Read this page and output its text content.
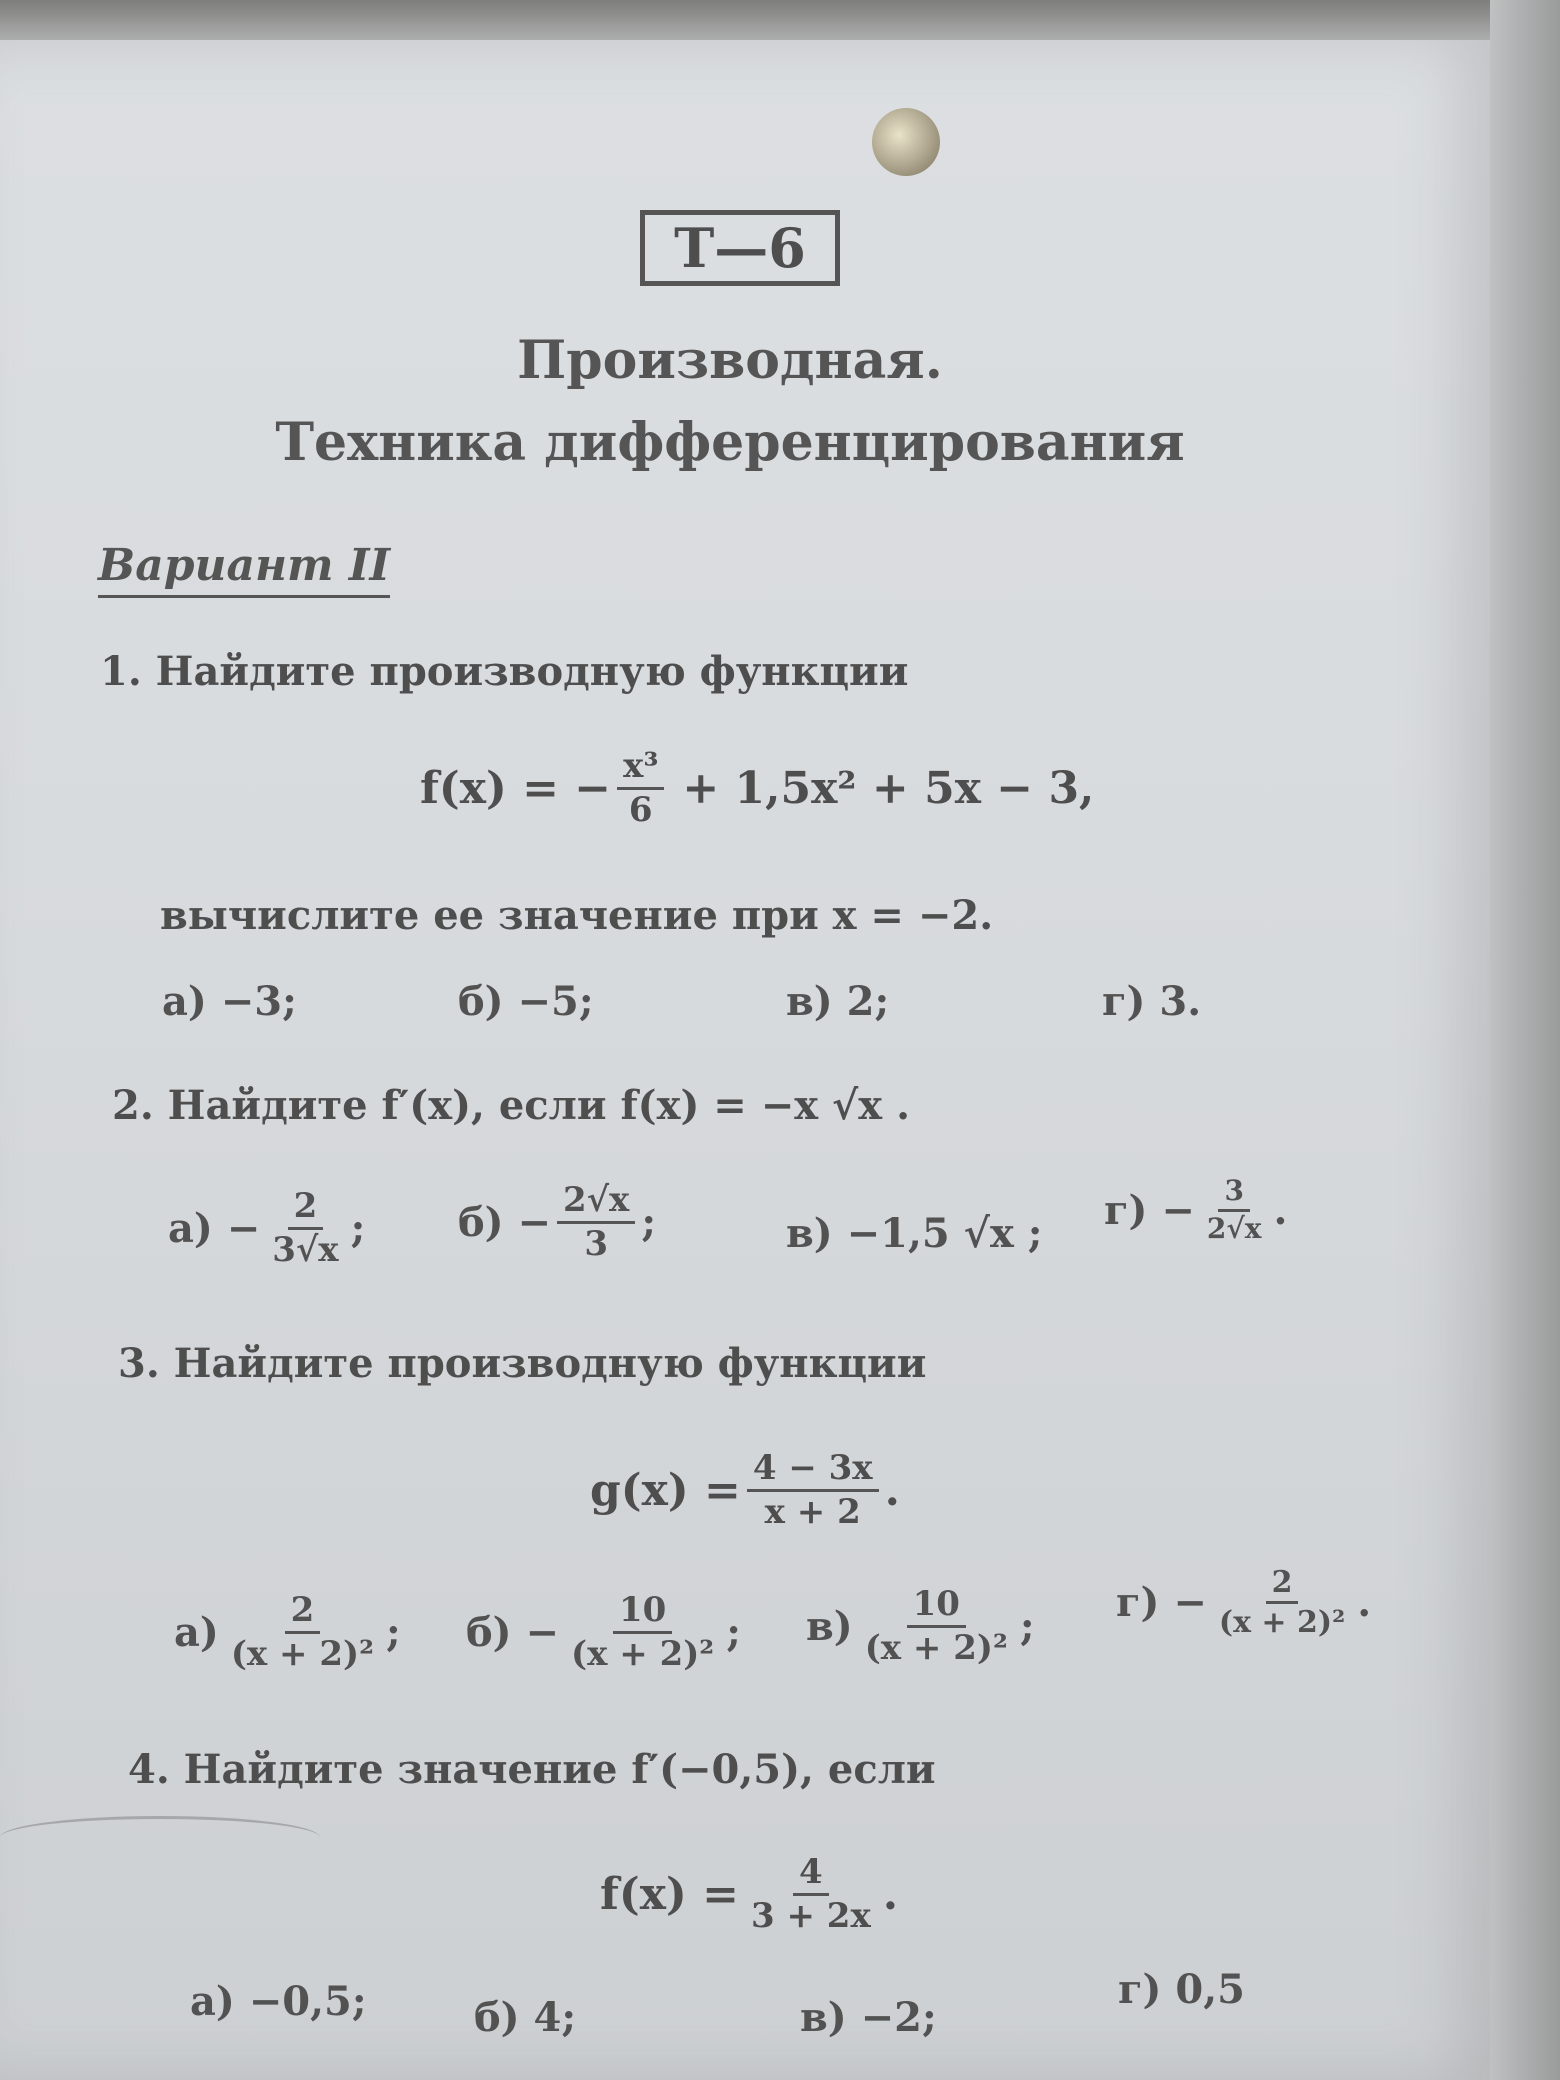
Т—6
Производная.
Техника дифференцирования
Вариант II
1. Найдите производную функции
f(x) = − $\frac{\text{x³}}{6} + 1,5x^2 + 5x - 3$,
вычислите ее значение при x = −2.
а) −3;	б) −5;	в) 2;	г) 3.
2. Найдите f′(x), если f(x) = −x √x .
$а) - \frac{2}{3√x}$ ; $б) - \frac{2√x}{3}$ ;	в) −1,5 √x ; $г) - \frac{3}{2√x}$ .
3. Найдите производную функции
$g(x) = \frac{4 - 3x}{x + 2}$ .
$а) \frac{2}{\text{(x + 2)²}}$ ; $б) - \frac{10}{\text{(x + 2)²}}$ ; $в) \frac{10}{\text{(x + 2)²}}$ ;
$г) - \frac{2}{\text{(x + 2)²}}$ .
4. Найдите значение f′(−0,5), если
$f(x) = \frac{4}{3 + 2x}$ .
а) −0,5;	б) 4;	в) −2;
г) 0,5
